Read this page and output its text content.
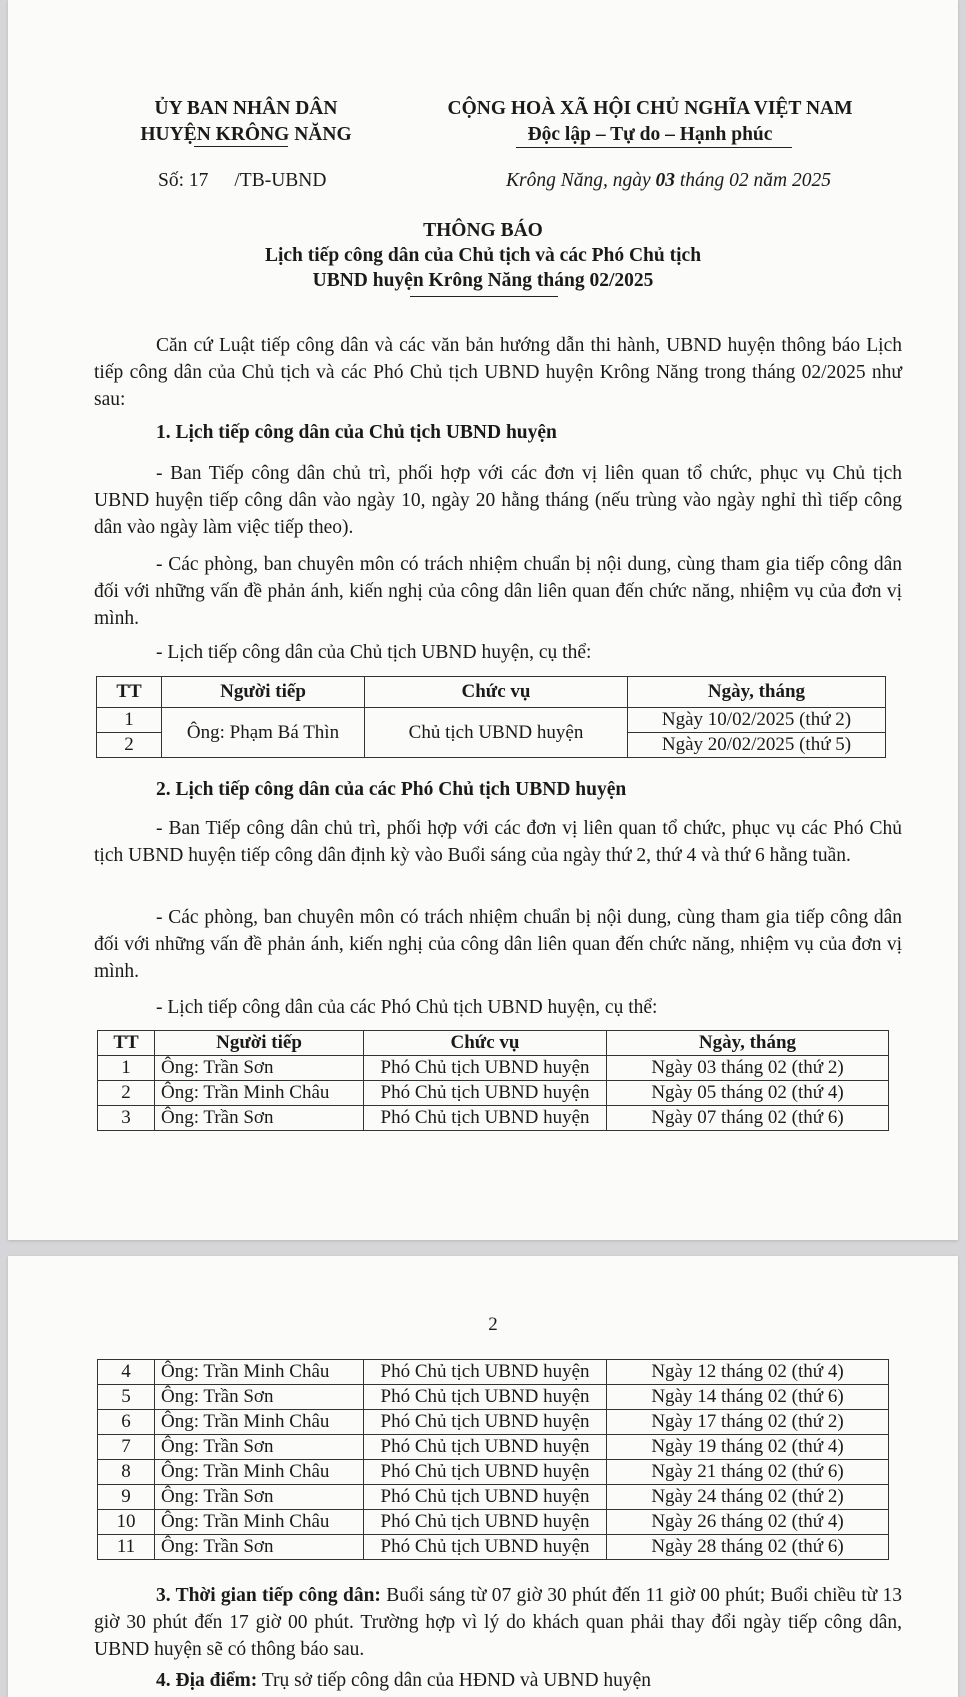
ỦY BAN NHÂN DÂN
HUYỆN KRÔNG NĂNG
CỘNG HOÀ XÃ HỘI CHỦ NGHĨA VIỆT NAM
Độc lập – Tự do – Hạnh phúc
Số: 17 /TB-UBND	Krông Năng, ngày 03 tháng 02 năm 2025
THÔNG BÁO
Lịch tiếp công dân của Chủ tịch và các Phó Chủ tịch
UBND huyện Krông Năng tháng 02/2025
Căn cứ Luật tiếp công dân và các văn bản hướng dẫn thi hành, UBND huyện thông báo Lịch tiếp công dân của Chủ tịch và các Phó Chủ tịch UBND huyện Krông Năng trong tháng 02/2025 như sau:
1. Lịch tiếp công dân của Chủ tịch UBND huyện
- Ban Tiếp công dân chủ trì, phối hợp với các đơn vị liên quan tổ chức, phục vụ Chủ tịch UBND huyện tiếp công dân vào ngày 10, ngày 20 hằng tháng (nếu trùng vào ngày nghỉ thì tiếp công dân vào ngày làm việc tiếp theo).
- Các phòng, ban chuyên môn có trách nhiệm chuẩn bị nội dung, cùng tham gia tiếp công dân đối với những vấn đề phản ánh, kiến nghị của công dân liên quan đến chức năng, nhiệm vụ của đơn vị mình.
- Lịch tiếp công dân của Chủ tịch UBND huyện, cụ thể:
TT	Người tiếp	Chức vụ	Ngày, tháng
1	Ông: Phạm Bá Thìn	Chủ tịch UBND huyện	Ngày 10/02/2025 (thứ 2)
2			Ngày 20/02/2025 (thứ 5)
2. Lịch tiếp công dân của các Phó Chủ tịch UBND huyện
- Ban Tiếp công dân chủ trì, phối hợp với các đơn vị liên quan tổ chức, phục vụ các Phó Chủ tịch UBND huyện tiếp công dân định kỳ vào Buổi sáng của ngày thứ 2, thứ 4 và thứ 6 hằng tuần.
- Các phòng, ban chuyên môn có trách nhiệm chuẩn bị nội dung, cùng tham gia tiếp công dân đối với những vấn đề phản ánh, kiến nghị của công dân liên quan đến chức năng, nhiệm vụ của đơn vị mình.
- Lịch tiếp công dân của các Phó Chủ tịch UBND huyện, cụ thể:
TT	Người tiếp	Chức vụ	Ngày, tháng
1	Ông: Trần Sơn	Phó Chủ tịch UBND huyện	Ngày 03 tháng 02 (thứ 2)
2	Ông: Trần Minh Châu	Phó Chủ tịch UBND huyện	Ngày 05 tháng 02 (thứ 4)
3	Ông: Trần Sơn	Phó Chủ tịch UBND huyện	Ngày 07 tháng 02 (thứ 6)
2
4	Ông: Trần Minh Châu	Phó Chủ tịch UBND huyện	Ngày 12 tháng 02 (thứ 4)
5	Ông: Trần Sơn	Phó Chủ tịch UBND huyện	Ngày 14 tháng 02 (thứ 6)
6	Ông: Trần Minh Châu	Phó Chủ tịch UBND huyện	Ngày 17 tháng 02 (thứ 2)
7	Ông: Trần Sơn	Phó Chủ tịch UBND huyện	Ngày 19 tháng 02 (thứ 4)
8	Ông: Trần Minh Châu	Phó Chủ tịch UBND huyện	Ngày 21 tháng 02 (thứ 6)
9	Ông: Trần Sơn	Phó Chủ tịch UBND huyện	Ngày 24 tháng 02 (thứ 2)
10	Ông: Trần Minh Châu	Phó Chủ tịch UBND huyện	Ngày 26 tháng 02 (thứ 4)
11	Ông: Trần Sơn	Phó Chủ tịch UBND huyện	Ngày 28 tháng 02 (thứ 6)
3. Thời gian tiếp công dân: Buổi sáng từ 07 giờ 30 phút đến 11 giờ 00 phút; Buổi chiều từ 13 giờ 30 phút đến 17 giờ 00 phút. Trường hợp vì lý do khách quan phải thay đổi ngày tiếp công dân, UBND huyện sẽ có thông báo sau.
4. Địa điểm: Trụ sở tiếp công dân của HĐND và UBND huyện
